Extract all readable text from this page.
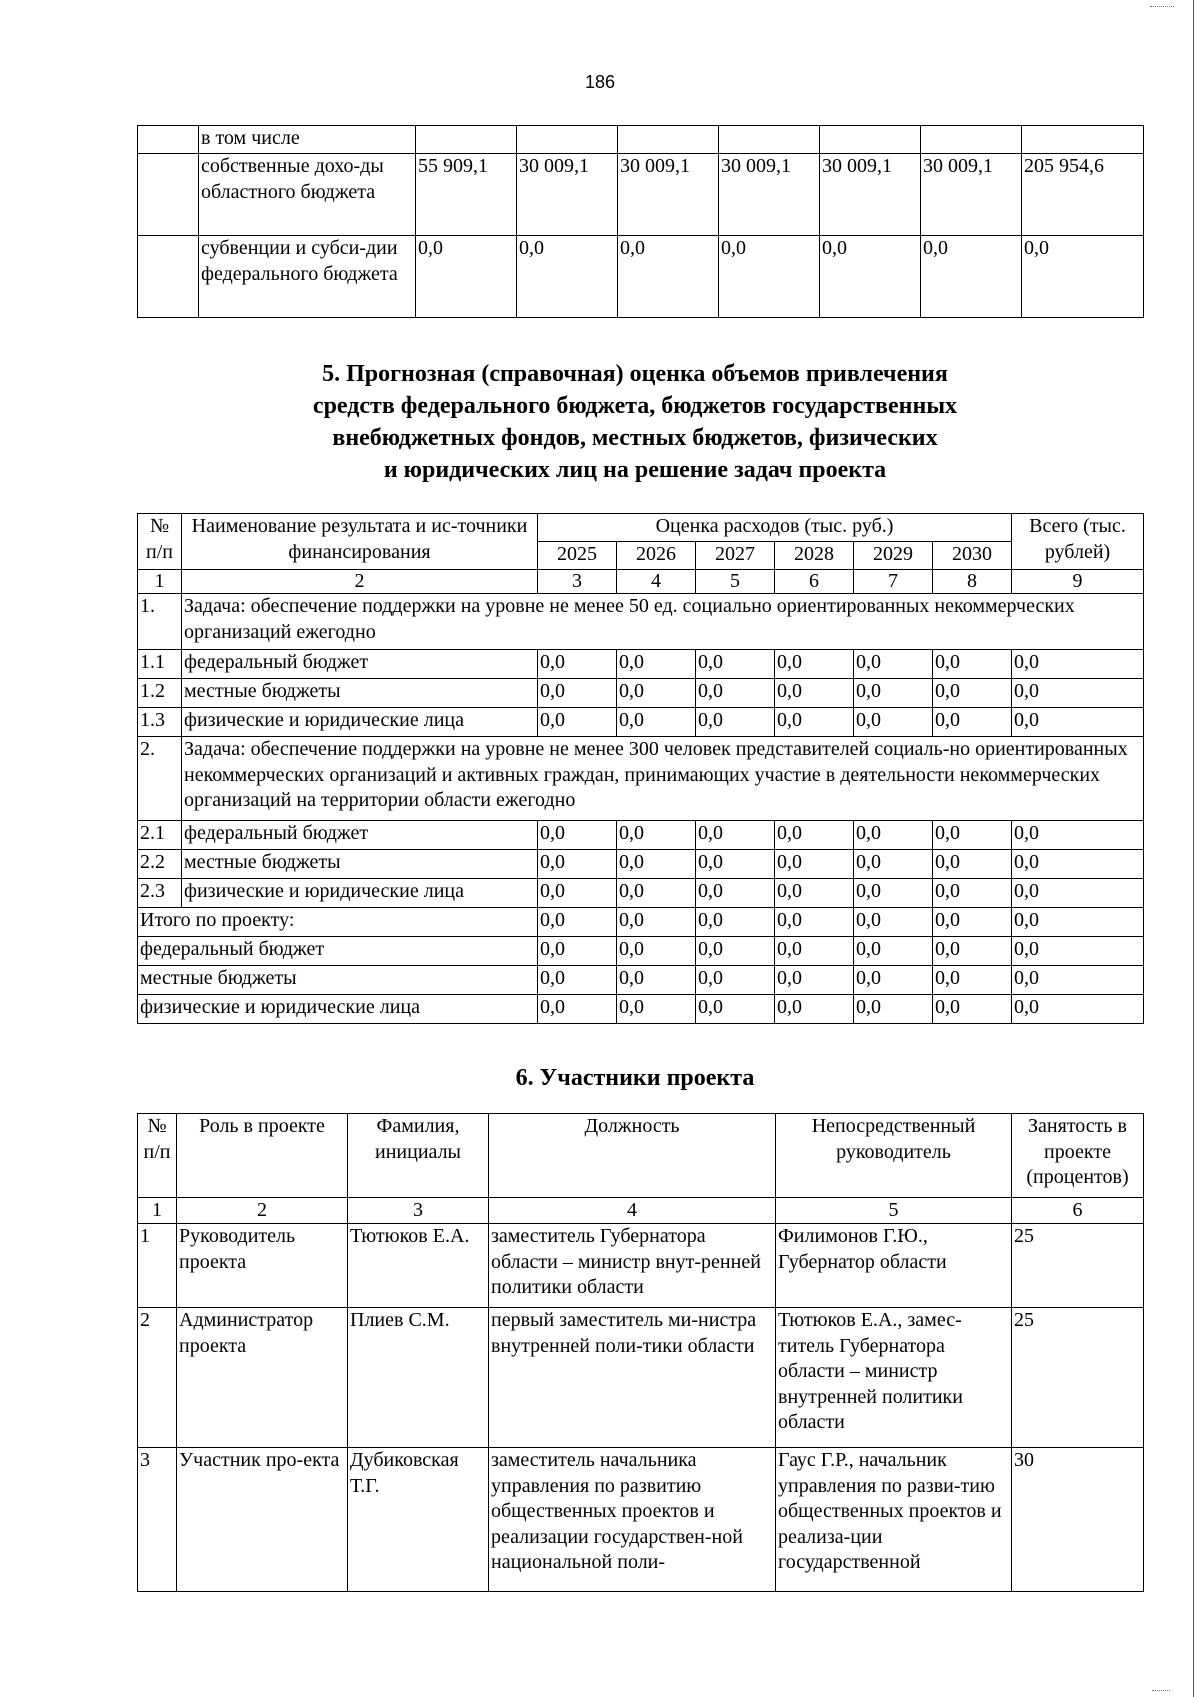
186
	в том числе							
	собственные дохо-ды областного бюджета	55 909,1	30 009,1	30 009,1	30 009,1	30 009,1	30 009,1	205 954,6
	субвенции и субси-дии федерального бюджета	0,0	0,0	0,0	0,0	0,0	0,0	0,0
5. Прогнозная (справочная) оценка объемов привлечения
средств федерального бюджета, бюджетов государственных
внебюджетных фондов, местных бюджетов, физических
и юридических лиц на решение задач проекта
№ п/п	Наименование результата и ис-точники финансирования	Оценка расходов (тыс. руб.)						Всего (тыс. рублей)
		2025	2026	2027	2028	2029	2030	
1	2	3	4	5	6	7	8	9
1.	Задача: обеспечение поддержки на уровне не менее 50 ед. социально ориентированных некоммерческих организаций ежегодно							
1.1	федеральный бюджет	0,0	0,0	0,0	0,0	0,0	0,0	0,0
1.2	местные бюджеты	0,0	0,0	0,0	0,0	0,0	0,0	0,0
1.3	физические и юридические лица	0,0	0,0	0,0	0,0	0,0	0,0	0,0
2.	Задача: обеспечение поддержки на уровне не менее 300 человек представителей социаль-но ориентированных некоммерческих организаций и активных граждан, принимающих участие в деятельности некоммерческих организаций на территории области ежегодно							
2.1	федеральный бюджет	0,0	0,0	0,0	0,0	0,0	0,0	0,0
2.2	местные бюджеты	0,0	0,0	0,0	0,0	0,0	0,0	0,0
2.3	физические и юридические лица	0,0	0,0	0,0	0,0	0,0	0,0	0,0
Итого по проекту:		0,0	0,0	0,0	0,0	0,0	0,0	0,0
федеральный бюджет		0,0	0,0	0,0	0,0	0,0	0,0	0,0
местные бюджеты		0,0	0,0	0,0	0,0	0,0	0,0	0,0
физические и юридические лица		0,0	0,0	0,0	0,0	0,0	0,0	0,0
6. Участники проекта
№ п/п	Роль в проекте	Фамилия, инициалы	Должность	Непосредственный руководитель	Занятость в проекте (процентов)
1	2	3	4	5	6
1	Руководитель проекта	Тютюков Е.А.	заместитель Губернатора области – министр внут-ренней политики области	Филимонов Г.Ю., Губернатор области	25
2	Администратор проекта	Плиев С.М.	первый заместитель ми-нистра внутренней поли-тики области	Тютюков Е.А., замес-титель Губернатора области – министр внутренней политики области	25
3	Участник про-екта	Дубиковская Т.Г.	заместитель начальника управления по развитию общественных проектов и реализации государствен-ной национальной поли-	Гаус Г.Р., начальник управления по разви-тию общественных проектов и реализа-ции государственной	30
